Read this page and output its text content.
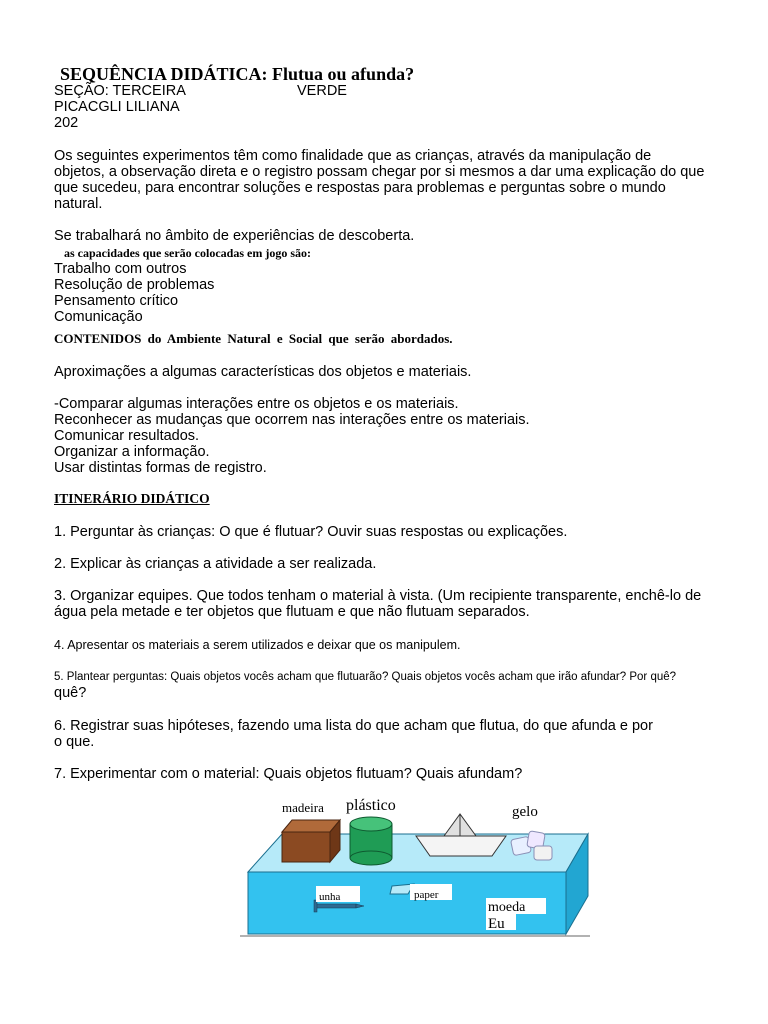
SEQUÊNCIA DIDÁTICA: Flutua ou afunda?
SEÇÃO: TERCEIRA	VERDE
PICACGLI LILIANA
202
Os seguintes experimentos têm como finalidade que as crianças, através da manipulação de
objetos, a observação direta e o registro possam chegar por si mesmos a dar uma explicação do que
que sucedeu, para encontrar soluções e respostas para problemas e perguntas sobre o mundo
natural.
Se trabalhará no âmbito de experiências de descoberta.
as capacidades que serão colocadas em jogo são:
Trabalho com outros
Resolução de problemas
Pensamento crítico
Comunicação
CONTENIDOS do Ambiente Natural e Social que serão abordados.
Aproximações a algumas características dos objetos e materiais.
-Comparar algumas interações entre os objetos e os materiais.
Reconhecer as mudanças que ocorrem nas interações entre os materiais.
Comunicar resultados.
Organizar a informação.
Usar distintas formas de registro.
ITINERÁRIO DIDÁTICO
1. Perguntar às crianças: O que é flutuar? Ouvir suas respostas ou explicações.
2. Explicar às crianças a atividade a ser realizada.
3. Organizar equipes. Que todos tenham o material à vista. (Um recipiente transparente, enchê-lo de
água pela metade e ter objetos que flutuam e que não flutuam separados.
4. Apresentar os materiais a serem utilizados e deixar que os manipulem.
5. Plantear perguntas: Quais objetos vocês acham que flutuarão? Quais objetos vocês acham que irão afundar? Por quê?
quê?
6. Registrar suas hipóteses, fazendo uma lista do que acham que flutua, do que afunda e por
o que.
7. Experimentar com o material: Quais objetos flutuam? Quais afundam?
madeira plástico	gelo
unha	paper
moeda
Eu
